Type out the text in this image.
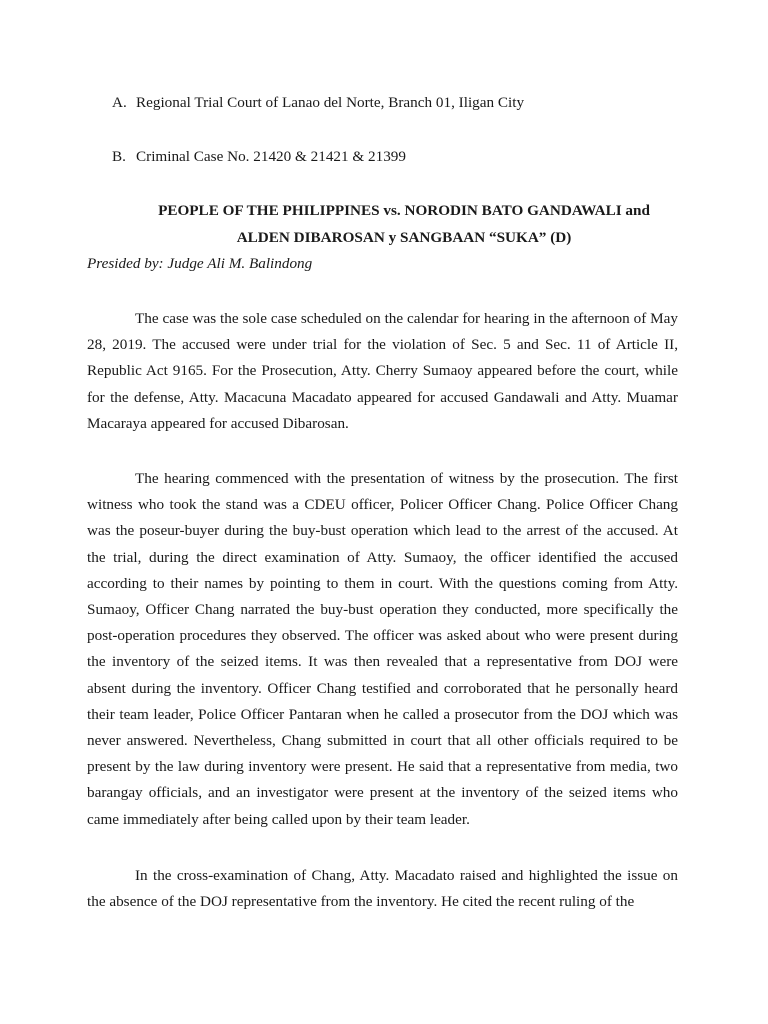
A. Regional Trial Court of Lanao del Norte, Branch 01, Iligan City
B. Criminal Case No. 21420 & 21421 & 21399
PEOPLE OF THE PHILIPPINES vs. NORODIN BATO GANDAWALI and
ALDEN DIBAROSAN y SANGBAAN “SUKA” (D)
Presided by: Judge Ali M. Balindong

The case was the sole case scheduled on the calendar for hearing in the afternoon of May 28, 2019. The accused were under trial for the violation of Sec. 5 and Sec. 11 of Article II, Republic Act 9165. For the Prosecution, Atty. Cherry Sumaoy appeared before the court, while for the defense, Atty. Macacuna Macadato appeared for accused Gandawali and Atty. Muamar Macaraya appeared for accused Dibarosan.

The hearing commenced with the presentation of witness by the prosecution. The first witness who took the stand was a CDEU officer, Policer Officer Chang. Police Officer Chang was the poseur-buyer during the buy-bust operation which lead to the arrest of the accused. At the trial, during the direct examination of Atty. Sumaoy, the officer identified the accused according to their names by pointing to them in court. With the questions coming from Atty. Sumaoy, Officer Chang narrated the buy-bust operation they conducted, more specifically the post-operation procedures they observed. The officer was asked about who were present during the inventory of the seized items. It was then revealed that a representative from DOJ were absent during the inventory. Officer Chang testified and corroborated that he personally heard their team leader, Police Officer Pantaran when he called a prosecutor from the DOJ which was never answered. Nevertheless, Chang submitted in court that all other officials required to be present by the law during inventory were present. He said that a representative from media, two barangay officials, and an investigator were present at the inventory of the seized items who came immediately after being called upon by their team leader.

In the cross-examination of Chang, Atty. Macadato raised and highlighted the issue on the absence of the DOJ representative from the inventory. He cited the recent ruling of the
